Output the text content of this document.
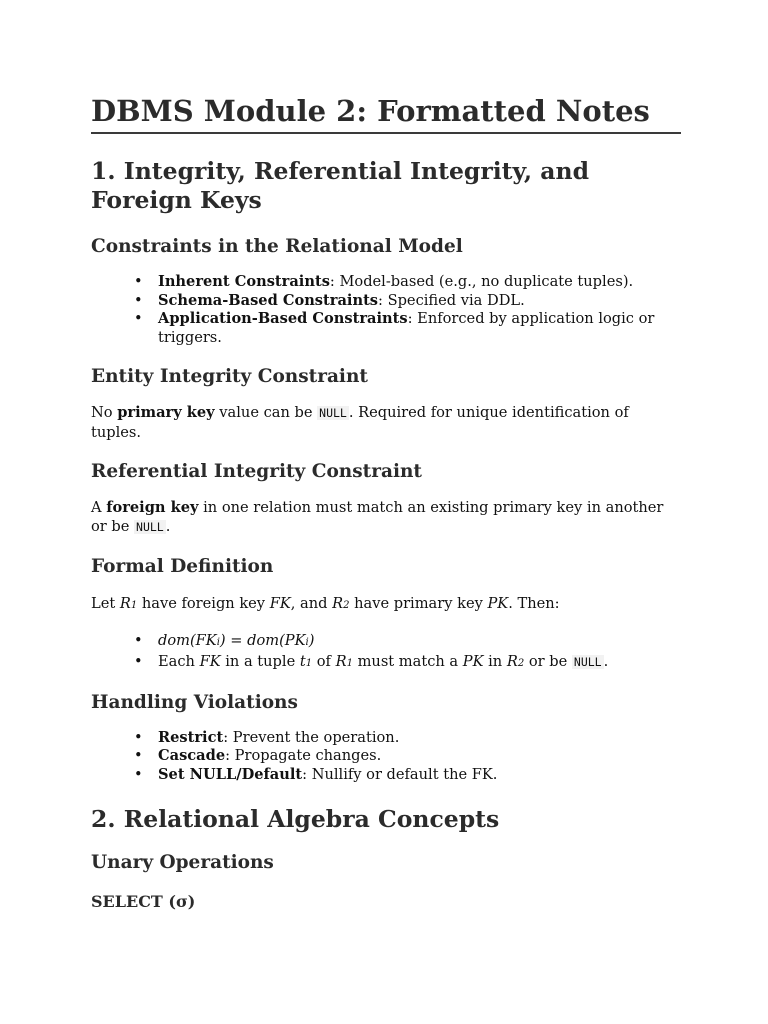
DBMS Module 2: Formatted Notes
1. Integrity, Referential Integrity, and Foreign Keys
Constraints in the Relational Model
• Inherent Constraints: Model-based (e.g., no duplicate tuples).
• Schema-Based Constraints: Specified via DDL.
• Application-Based Constraints: Enforced by application logic or triggers.
Entity Integrity Constraint

No primary key value can be NULL . Required for unique identification of tuples.

Referential Integrity Constraint

A foreign key in one relation must match an existing primary key in another or be NULL .

Formal Definition

Let R1 have foreign key FK, and R2 have primary key PK. Then:

• dom(FKi) = dom(PKi)
• Each FK in a tuple t1 of R1 must match a PK in R2 or be NULL .
Handling Violations
• Restrict: Prevent the operation.
• Cascade: Propagate changes.
• Set NULL/Default: Nullify or default the FK.
2. Relational Algebra Concepts
Unary Operations
SELECT (σ)
